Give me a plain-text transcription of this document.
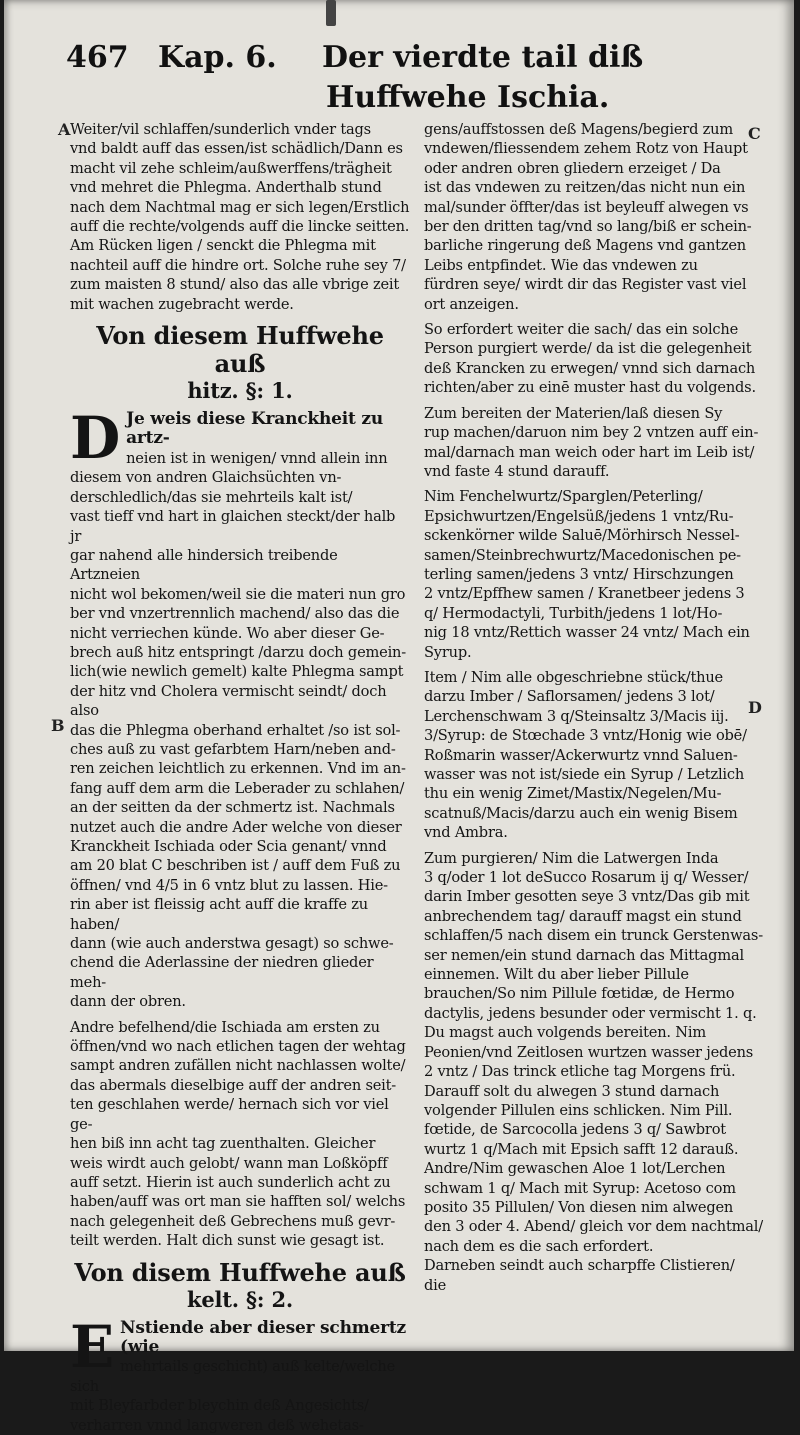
467 Kap. 6. Der vierdte tail diß
Huffwehe Ischia.
A
B
C
D

Weiter/vil schlaffen/sunderlich vnder tags
vnd baldt auff das essen/ist schädlich/Dann es
macht vil zehe schleim/außwerffens/trägheit
vnd mehret die Phlegma. Anderthalb stund
nach dem Nachtmal mag er sich legen/Erstlich
auff die rechte/volgends auff die lincke seitten.
Am Rücken ligen / senckt die Phlegma mit
nachteil auff die hindre ort. Solche ruhe sey 7/
zum maisten 8 stund/ also das alle vbrige zeit
mit wachen zugebracht werde.

Von diesem Huffwehe auß
hitz. §: 1.
D Je weis diese Kranckheit zu artz-

neien ist in wenigen/ vnnd allein inn
diesem von andren Glaichsüchten vn-
derschledlich/das sie mehrteils kalt ist/
vast tieff vnd hart in glaichen steckt/der halb jr
gar nahend alle hindersich treibende Artzneien
nicht wol bekomen/weil sie die materi nun gro
ber vnd vnzertrennlich machend/ also das die
nicht verriechen künde. Wo aber dieser Ge-
brech auß hitz entspringt /darzu doch gemein-
lich(wie newlich gemelt) kalte Phlegma sampt
der hitz vnd Cholera vermischt seindt/ doch also
das die Phlegma oberhand erhaltet /so ist sol-
ches auß zu vast gefarbtem Harn/neben and-
ren zeichen leichtlich zu erkennen. Vnd im an-
fang auff dem arm die Leberader zu schlahen/
an der seitten da der schmertz ist. Nachmals
nutzet auch die andre Ader welche von dieser
Kranckheit Ischiada oder Scia genant/ vnnd
am 20 blat C beschriben ist / auff dem Fuß zu
öffnen/ vnd 4/5 in 6 vntz blut zu lassen. Hie-
rin aber ist fleissig acht auff die kraffe zu haben/
dann (wie auch anderstwa gesagt) so schwe-
chend die Aderlassine der niedren glieder meh-
dann der obren.

Andre befelhend/die Ischiada am ersten zu
öffnen/vnd wo nach etlichen tagen der wehtag
sampt andren zufällen nicht nachlassen wolte/
das abermals dieselbige auff der andren seit-
ten geschlahen werde/ hernach sich vor viel ge-
hen biß inn acht tag zuenthalten. Gleicher
weis wirdt auch gelobt/ wann man Loßköpff
auff setzt. Hierin ist auch sunderlich acht zu
haben/auff was ort man sie hafften sol/ welchs
nach gelegenheit deß Gebrechens muß gevr-
teilt werden. Halt dich sunst wie gesagt ist.

Von disem Huffwehe auß
kelt. §: 2.
E Nstiende aber dieser schmertz (wie

mehrtails geschicht) auß kelte/welche sich
mit Bleyfarbder bleychin deß Angesichts/
verharren vnnd langweren deß wehetas-

gens/auffstossen deß Magens/begierd zum
vndewen/fliessendem zehem Rotz von Haupt
oder andren obren gliedern erzeiget / Da
ist das vndewen zu reitzen/das nicht nun ein
mal/sunder öffter/das ist beyleuff alwegen vs
ber den dritten tag/vnd so lang/biß er schein-
barliche ringerung deß Magens vnd gantzen
Leibs entpfindet. Wie das vndewen zu
fürdren seye/ wirdt dir das Register vast viel
ort anzeigen.

So erfordert weiter die sach/ das ein solche
Person purgiert werde/ da ist die gelegenheit
deß Krancken zu erwegen/ vnnd sich darnach
richten/aber zu einē muster hast du volgends.

Zum bereiten der Materien/laß diesen Sy
rup machen/daruon nim bey 2 vntzen auff ein-
mal/darnach man weich oder hart im Leib ist/
vnd faste 4 stund darauff.

Nim Fenchelwurtz/Sparglen/Peterling/
Epsichwurtzen/Engelsüß/jedens 1 vntz/Ru-
sckenkörner wilde Saluē/Mörhirsch Nessel-
samen/Steinbrechwurtz/Macedonischen pe-
terling samen/jedens 3 vntz/ Hirschzungen
2 vntz/Epffhew samen / Kranetbeer jedens 3
q/ Hermodactyli, Turbith/jedens 1 lot/Ho-
nig 18 vntz/Rettich wasser 24 vntz/ Mach ein
Syrup.

Item / Nim alle obgeschriebne stück/thue
darzu Imber / Saflorsamen/ jedens 3 lot/
Lerchenschwam 3 q/Steinsaltz 3/Macis iij.
3/Syrup: de Stœchade 3 vntz/Honig wie obē/
Roßmarin wasser/Ackerwurtz vnnd Saluen-
wasser was not ist/siede ein Syrup / Letzlich
thu ein wenig Zimet/Mastix/Negelen/Mu-
scatnuß/Macis/darzu auch ein wenig Bisem
vnd Ambra.

Zum purgieren/ Nim die Latwergen Inda
3 q/oder 1 lot deSucco Rosarum ij q/ Wesser/
darin Imber gesotten seye 3 vntz/Das gib mit
anbrechendem tag/ darauff magst ein stund
schlaffen/5 nach disem ein trunck Gerstenwas-
ser nemen/ein stund darnach das Mittagmal
einnemen. Wilt du aber lieber Pillule
brauchen/So nim Pillule fœtidæ, de Hermo
dactylis, jedens besunder oder vermischt 1. q.

Du magst auch volgends bereiten. Nim
Peonien/vnd Zeitlosen wurtzen wasser jedens
2 vntz / Das trinck etliche tag Morgens frü.

Darauff solt du alwegen 3 stund darnach
volgender Pillulen eins schlicken. Nim Pill.
fœtide, de Sarcocolla jedens 3 q/ Sawbrot
wurtz 1 q/Mach mit Epsich safft 12 darauß.

Andre/Nim gewaschen Aloe 1 lot/Lerchen
schwam 1 q/ Mach mit Syrup: Acetoso com
posito 35 Pillulen/ Von diesen nim alwegen
den 3 oder 4. Abend/ gleich vor dem nachtmal/
nach dem es die sach erfordert.

Darneben seindt auch scharpffe Clistieren/
die
